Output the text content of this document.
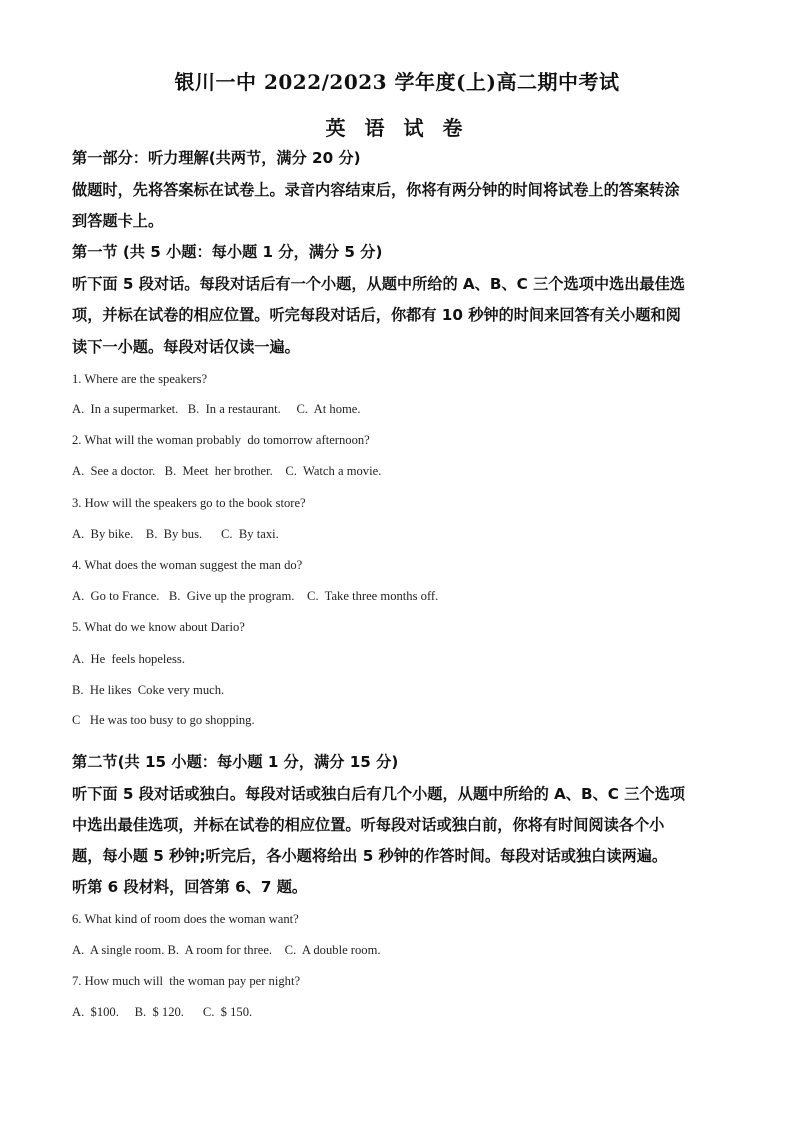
银川一中 2022/2023 学年度(上)高二期中考试
英 语 试 卷
第一部分：听力理解(共两节，满分 20 分)
做题时，先将答案标在试卷上。录音内容结束后，你将有两分钟的时间将试卷上的答案转涂
到答题卡上。
第一节 (共 5 小题：每小题 1 分，满分 5 分)
听下面 5 段对话。每段对话后有一个小题，从题中所给的 A、B、C 三个选项中选出最佳选
项，并标在试卷的相应位置。听完每段对话后，你都有 10 秒钟的时间来回答有关小题和阅
读下一小题。每段对话仅读一遍。
1. Where are the speakers?
A.  In a supermarket.   B.  In a restaurant.     C.  At home.
2. What will the woman probably  do tomorrow afternoon?
A.  See a doctor.   B.  Meet  her brother.    C.  Watch a movie.
3. How will the speakers go to the book store?
A.  By bike.    B.  By bus.      C.  By taxi.
4. What does the woman suggest the man do?
A.  Go to France.   B.  Give up the program.    C.  Take three months off.
5. What do we know about Dario?
A.  He  feels hopeless.
B.  He likes  Coke very much.
C   He was too busy to go shopping.
第二节(共 15 小题：每小题 1 分，满分 15 分)
听下面 5 段对话或独白。每段对话或独白后有几个小题，从题中所给的 A、B、C 三个选项
中选出最佳选项，并标在试卷的相应位置。听每段对话或独白前，你将有时间阅读各个小
题，每小题 5 秒钟;听完后，各小题将给出 5 秒钟的作答时间。每段对话或独白读两遍。
听第 6 段材料，回答第 6、7 题。
6. What kind of room does the woman want?
A.  A single room. B.  A room for three.    C.  A double room.
7. How much will  the woman pay per night?
A.  $100.     B.  $ 120.      C.  $ 150.
